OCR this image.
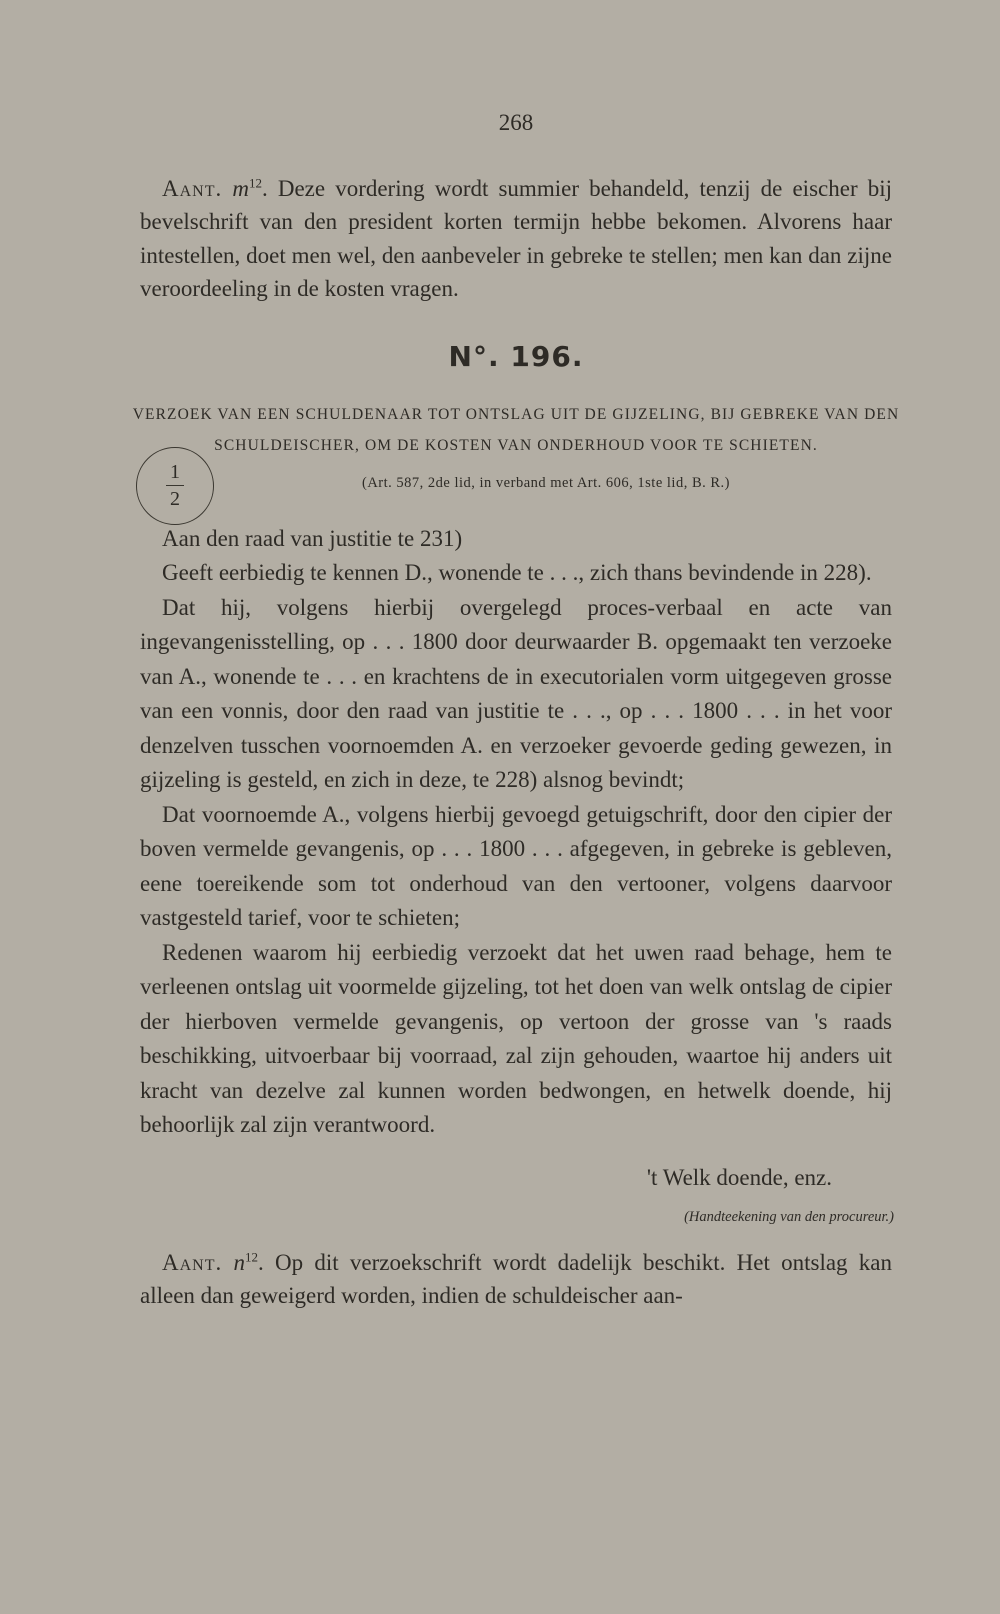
268

Aant. $m^{12}$. Deze vordering wordt summier behandeld, tenzij de eischer bij bevelschrift van den president korten termijn hebbe bekomen. Alvorens haar intestellen, doet men wel, den aanbeveler in gebreke te stellen; men kan dan zijne veroordeeling in de kosten vragen.

N°. 196.
VERZOEK VAN EEN SCHULDENAAR TOT ONTSLAG UIT DE GIJZELING, BIJ GEBREKE VAN DEN SCHULDEISCHER, OM DE KOSTEN VAN ONDERHOUD VOOR TE SCHIETEN.
1
2
(Art. 587, 2de lid, in verband met Art. 606, 1ste lid, B. R.)

Aan den raad van justitie te 231)

Geeft eerbiedig te kennen D., wonende te . . ., zich thans bevindende in 228).

Dat hij, volgens hierbij overgelegd proces-verbaal en acte van ingevangenisstelling, op . . . 1800 door deurwaarder B. opgemaakt ten verzoeke van A., wonende te . . . en krachtens de in executorialen vorm uitgegeven grosse van een vonnis, door den raad van justitie te . . ., op . . . 1800 . . . in het voor denzelven tusschen voornoemden A. en verzoeker gevoerde geding gewezen, in gijzeling is gesteld, en zich in deze, te 228) alsnog bevindt;

Dat voornoemde A., volgens hierbij gevoegd getuigschrift, door den cipier der boven vermelde gevangenis, op . . . 1800 . . . afgegeven, in gebreke is gebleven, eene toereikende som tot onderhoud van den vertooner, volgens daarvoor vastgesteld tarief, voor te schieten;

Redenen waarom hij eerbiedig verzoekt dat het uwen raad behage, hem te verleenen ontslag uit voormelde gijzeling, tot het doen van welk ontslag de cipier der hierboven vermelde gevangenis, op vertoon der grosse van 's raads beschikking, uitvoerbaar bij voorraad, zal zijn gehouden, waartoe hij anders uit kracht van dezelve zal kunnen worden bedwongen, en hetwelk doende, hij behoorlijk zal zijn verantwoord.

't Welk doende, enz.
(Handteekening van den procureur.)

Aant. $n^{12}$. Op dit verzoekschrift wordt dadelijk beschikt. Het ontslag kan alleen dan geweigerd worden, indien de schuldeischer aan-
